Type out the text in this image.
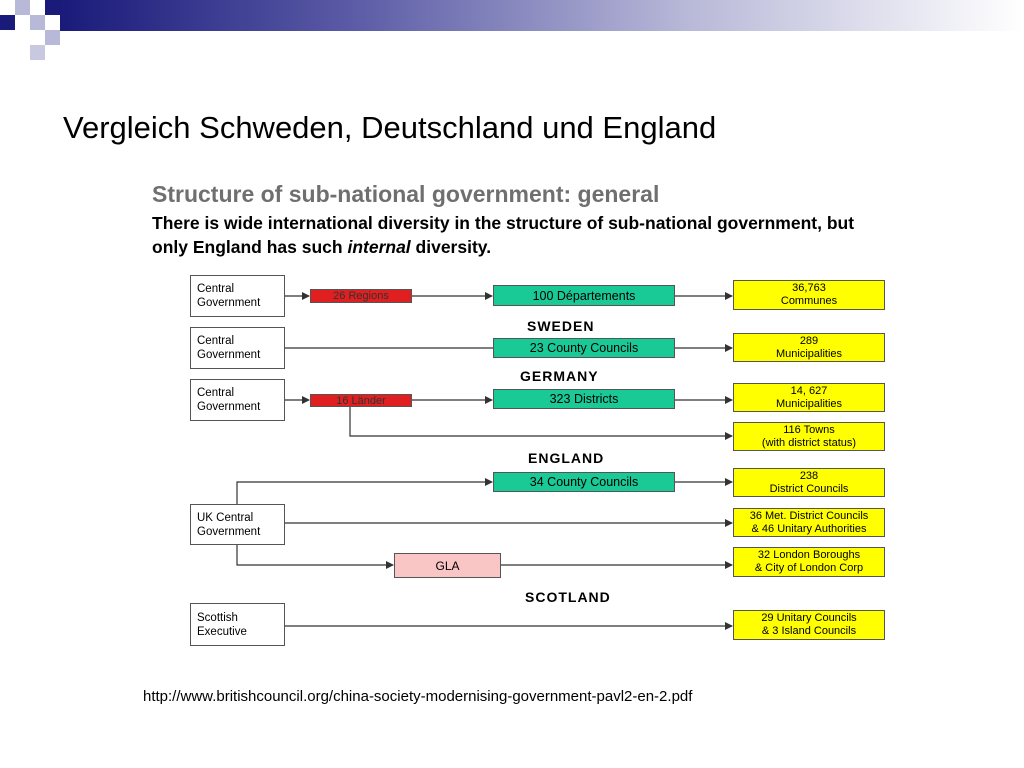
Vergleich Schweden, Deutschland und England
Structure of sub-national government: general

There is wide international diversity in the structure of sub-national government, but

only England has such internal diversity.

Central
Government
Central
Government
Central
Government
UK Central
Government
Scottish
Executive
26 Regions
16 Länder
100 Départements
23 County Councils
323 Districts
34 County Councils
GLA
SWEDEN
GERMANY
ENGLAND
SCOTLAND
36,763
Communes
289
Municipalities
14, 627
Municipalities
116 Towns
(with district status)
238
District Councils
36 Met. District Councils
& 46 Unitary Authorities
32 London Boroughs
& City of London Corp
29 Unitary Councils
& 3 Island Councils
http://www.britishcouncil.org/china-society-modernising-government-pavl2-en-2.pdf
